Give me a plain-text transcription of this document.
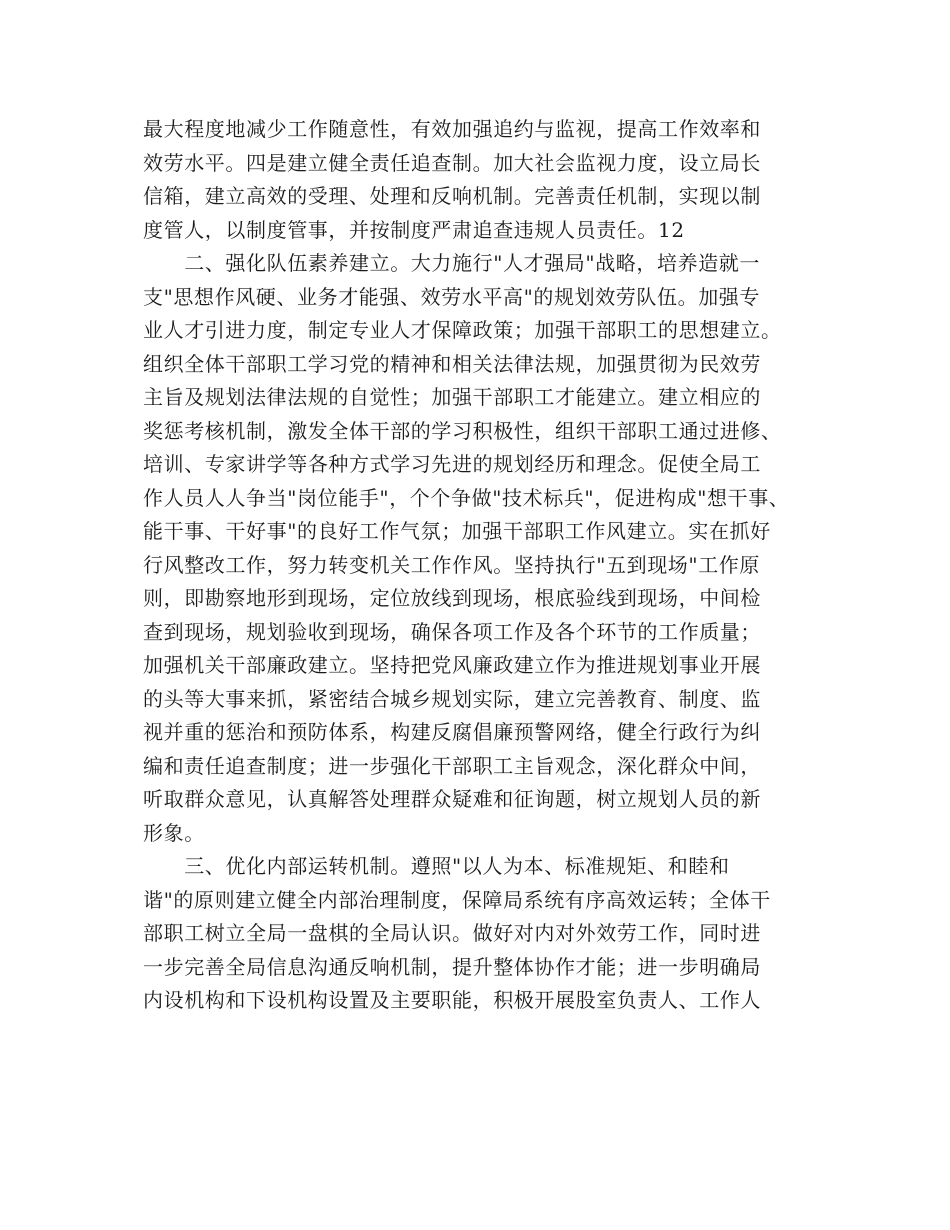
最大程度地减少工作随意性，有效加强追约与监视，提高工作效率和
效劳水平。四是建立健全责任追查制。加大社会监视力度，设立局长
信箱，建立高效的受理、处理和反响机制。完善责任机制，实现以制
度管人，以制度管事，并按制度严肃追查违规人员责任。12
　　二、强化队伍素养建立。大力施行"人才强局"战略，培养造就一
支"思想作风硬、业务才能强、效劳水平高"的规划效劳队伍。加强专
业人才引进力度，制定专业人才保障政策；加强干部职工的思想建立。
组织全体干部职工学习党的精神和相关法律法规，加强贯彻为民效劳
主旨及规划法律法规的自觉性；加强干部职工才能建立。建立相应的
奖惩考核机制，激发全体干部的学习积极性，组织干部职工通过进修、
培训、专家讲学等各种方式学习先进的规划经历和理念。促使全局工
作人员人人争当"岗位能手"，个个争做"技术标兵"，促进构成"想干事、
能干事、干好事"的良好工作气氛；加强干部职工作风建立。实在抓好
行风整改工作，努力转变机关工作作风。坚持执行"五到现场"工作原
则，即勘察地形到现场，定位放线到现场，根底验线到现场，中间检
查到现场，规划验收到现场，确保各项工作及各个环节的工作质量；
加强机关干部廉政建立。坚持把党风廉政建立作为推进规划事业开展
的头等大事来抓，紧密结合城乡规划实际，建立完善教育、制度、监
视并重的惩治和预防体系，构建反腐倡廉预警网络，健全行政行为纠
编和责任追查制度；进一步强化干部职工主旨观念，深化群众中间，
听取群众意见，认真解答处理群众疑难和征询题，树立规划人员的新
形象。
　　三、优化内部运转机制。遵照"以人为本、标准规矩、和睦和
谐"的原则建立健全内部治理制度，保障局系统有序高效运转；全体干
部职工树立全局一盘棋的全局认识。做好对内对外效劳工作，同时进
一步完善全局信息沟通反响机制，提升整体协作才能；进一步明确局
内设机构和下设机构设置及主要职能，积极开展股室负责人、工作人
